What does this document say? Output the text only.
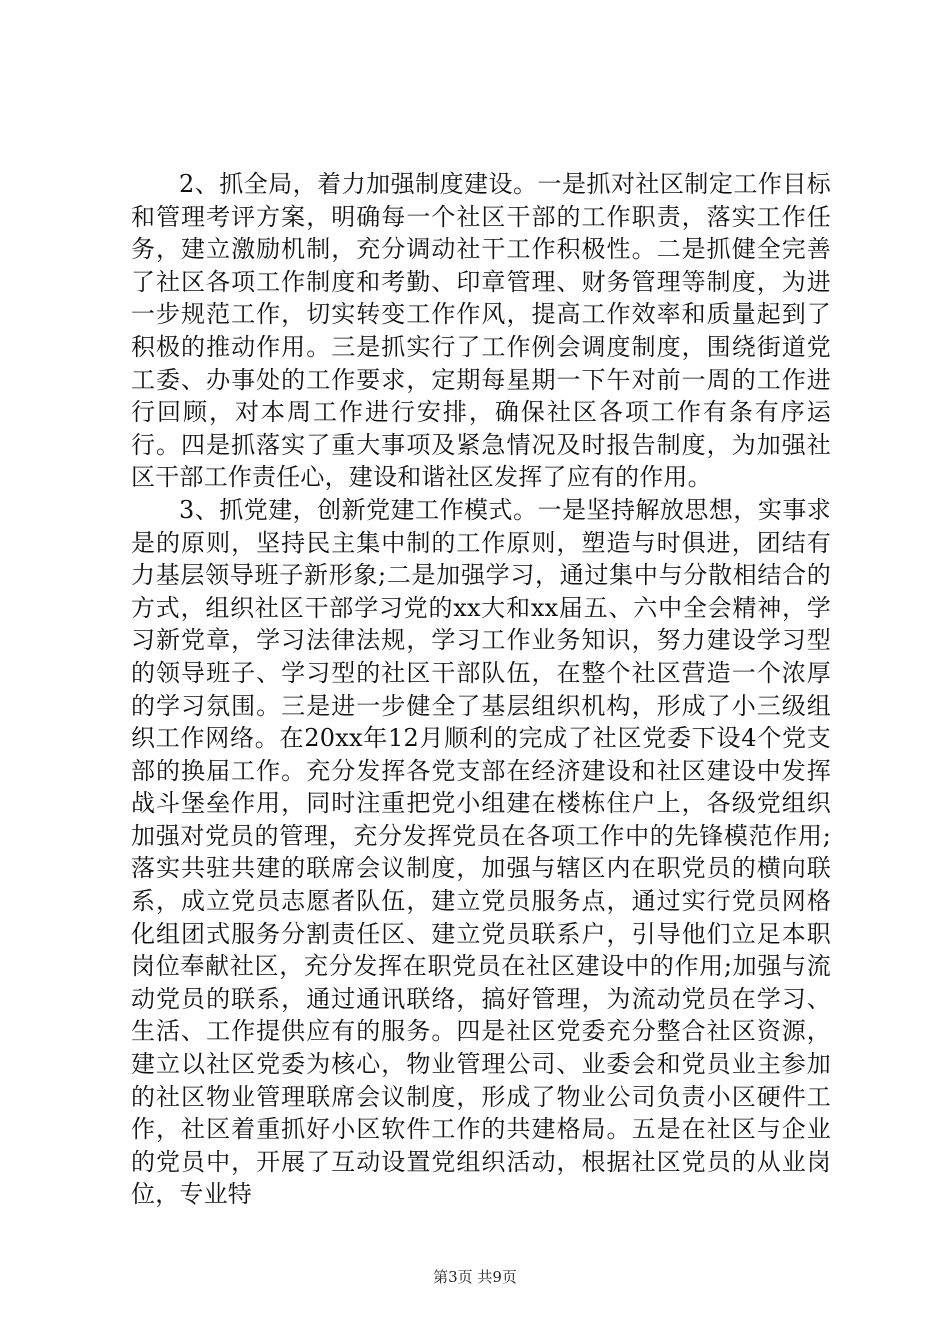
2、抓全局，着力加强制度建设。一是抓对社区制定工作目标和管理考评方案，明确每一个社区干部的工作职责，落实工作任务，建立激励机制，充分调动社干工作积极性。二是抓健全完善了社区各项工作制度和考勤、印章管理、财务管理等制度，为进一步规范工作，切实转变工作作风，提高工作效率和质量起到了积极的推动作用。三是抓实行了工作例会调度制度，围绕街道党工委、办事处的工作要求，定期每星期一下午对前一周的工作进行回顾，对本周工作进行安排，确保社区各项工作有条有序运行。四是抓落实了重大事项及紧急情况及时报告制度，为加强社区干部工作责任心，建设和谐社区发挥了应有的作用。

3、抓党建，创新党建工作模式。一是坚持解放思想，实事求是的原则，坚持民主集中制的工作原则，塑造与时俱进，团结有力基层领导班子新形象;二是加强学习，通过集中与分散相结合的方式，组织社区干部学习党的xx大和xx届五、六中全会精神，学习新党章，学习法律法规，学习工作业务知识，努力建设学习型的领导班子、学习型的社区干部队伍，在整个社区营造一个浓厚的学习氛围。三是进一步健全了基层组织机构，形成了小三级组织工作网络。在20xx年12月顺利的完成了社区党委下设4个党支部的换届工作。充分发挥各党支部在经济建设和社区建设中发挥战斗堡垒作用，同时注重把党小组建在楼栋住户上，各级党组织加强对党员的管理，充分发挥党员在各项工作中的先锋模范作用;落实共驻共建的联席会议制度，加强与辖区内在职党员的横向联系，成立党员志愿者队伍，建立党员服务点，通过实行党员网格化组团式服务分割责任区、建立党员联系户，引导他们立足本职岗位奉献社区，充分发挥在职党员在社区建设中的作用;加强与流动党员的联系，通过通讯联络，搞好管理，为流动党员在学习、生活、工作提供应有的服务。四是社区党委充分整合社区资源，建立以社区党委为核心，物业管理公司、业委会和党员业主参加的社区物业管理联席会议制度，形成了物业公司负责小区硬件工作，社区着重抓好小区软件工作的共建格局。五是在社区与企业的党员中，开展了互动设置党组织活动，根据社区党员的从业岗位，专业特

第3页 共9页
